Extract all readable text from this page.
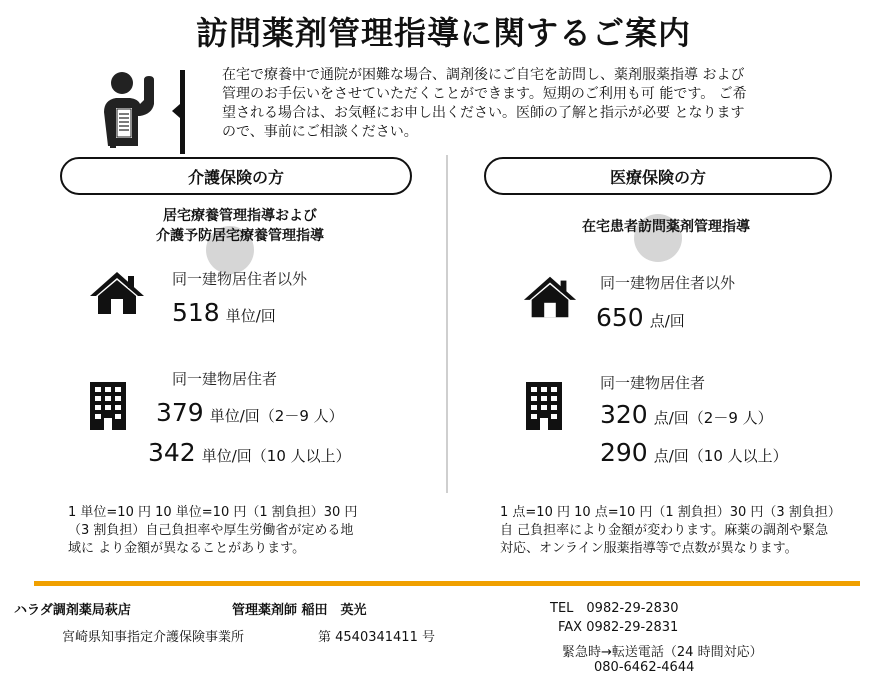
訪問薬剤管理指導に関するご案内
在宅で療養中で通院が困難な場合、調剤後にご自宅を訪問し、薬剤服薬指導 および
管理のお手伝いをさせていただくことができます。短期のご利用も可 能です。 ご希
望される場合は、お気軽にお申し出ください。医師の了解と指示が必要 となります
ので、事前にご相談ください。
介護保険の方
居宅療養管理指導および
介護予防居宅療養管理指導
同一建物居住者以外
518 単位/回
同一建物居住者
379 単位/回（2－9 人）
342 単位/回（10 人以上）
1 単位=10 円 10 単位=10 円（1 割負担）30 円
（3 割負担）自己負担率や厚生労働省が定める地
域に より金額が異なることがあります。
医療保険の方
在宅患者訪問薬剤管理指導
同一建物居住者以外
650 点/回
同一建物居住者
320 点/回（2－9 人）
290 点/回（10 人以上）
1 点=10 円 10 点=10 円（1 割負担）30 円（3 割負担）
自 己負担率により金額が変わります。麻薬の調剤や緊急
対応、オンライン服薬指導等で点数が異なります。
ハラダ調剤薬局萩店	管理薬剤師 稲田　英光
宮崎県知事指定介護保険事業所	第 4540341411 号
TEL　0982-29-2830
FAX 0982-29-2831
緊急時→転送電話（24 時間対応）
080-6462-4644
